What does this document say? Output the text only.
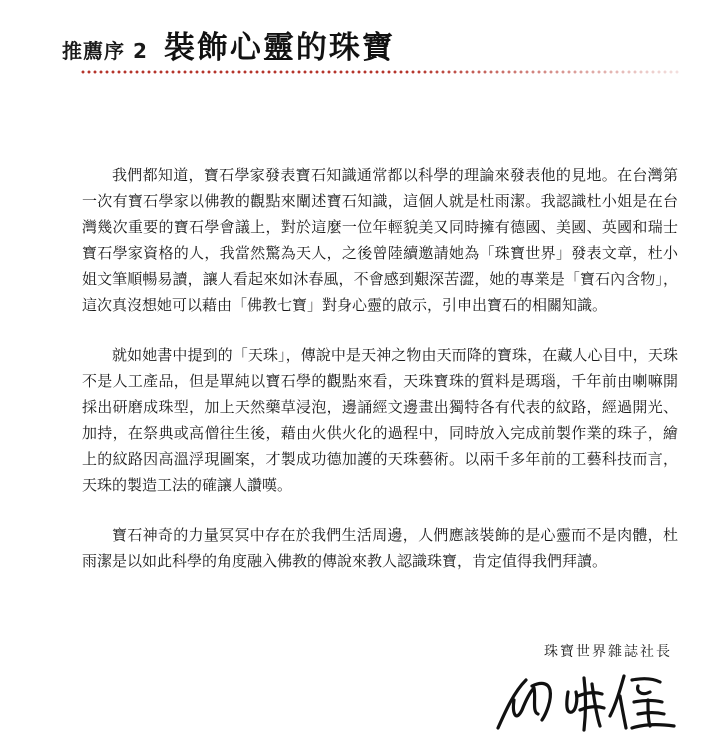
推薦序 2 裝飾心靈的珠寶

我們都知道，寶石學家發表寶石知識通常都以科學的理論來發表他的見地。在台灣第一次有寶石學家以佛教的觀點來闡述寶石知識，這個人就是杜雨潔。我認識杜小姐是在台灣幾次重要的寶石學會議上，對於這麼一位年輕貌美又同時擁有德國、美國、英國和瑞士寶石學家資格的人，我當然驚為天人，之後曾陸續邀請她為「珠寶世界」發表文章，杜小姐文筆順暢易讀，讓人看起來如沐春風，不會感到艱深苦澀，她的專業是「寶石內含物」，這次真沒想她可以藉由「佛教七寶」對身心靈的啟示，引申出寶石的相關知識。

就如她書中提到的「天珠」，傳說中是天神之物由天而降的寶珠，在藏人心目中，天珠不是人工產品，但是單純以寶石學的觀點來看，天珠寶珠的質料是瑪瑙，千年前由喇嘛開採出研磨成珠型，加上天然藥草浸泡，邊誦經文邊畫出獨特各有代表的紋路，經過開光、加持，在祭典或高僧往生後，藉由火供火化的過程中，同時放入完成前製作業的珠子，繪上的紋路因高溫浮現圖案，才製成功德加護的天珠藝術。以兩千多年前的工藝科技而言，天珠的製造工法的確讓人讚嘆。

寶石神奇的力量冥冥中存在於我們生活周邊，人們應該裝飾的是心靈而不是肉體，杜雨潔是以如此科學的角度融入佛教的傳說來教人認識珠寶，肯定值得我們拜讀。

珠寶世界雜誌社長
